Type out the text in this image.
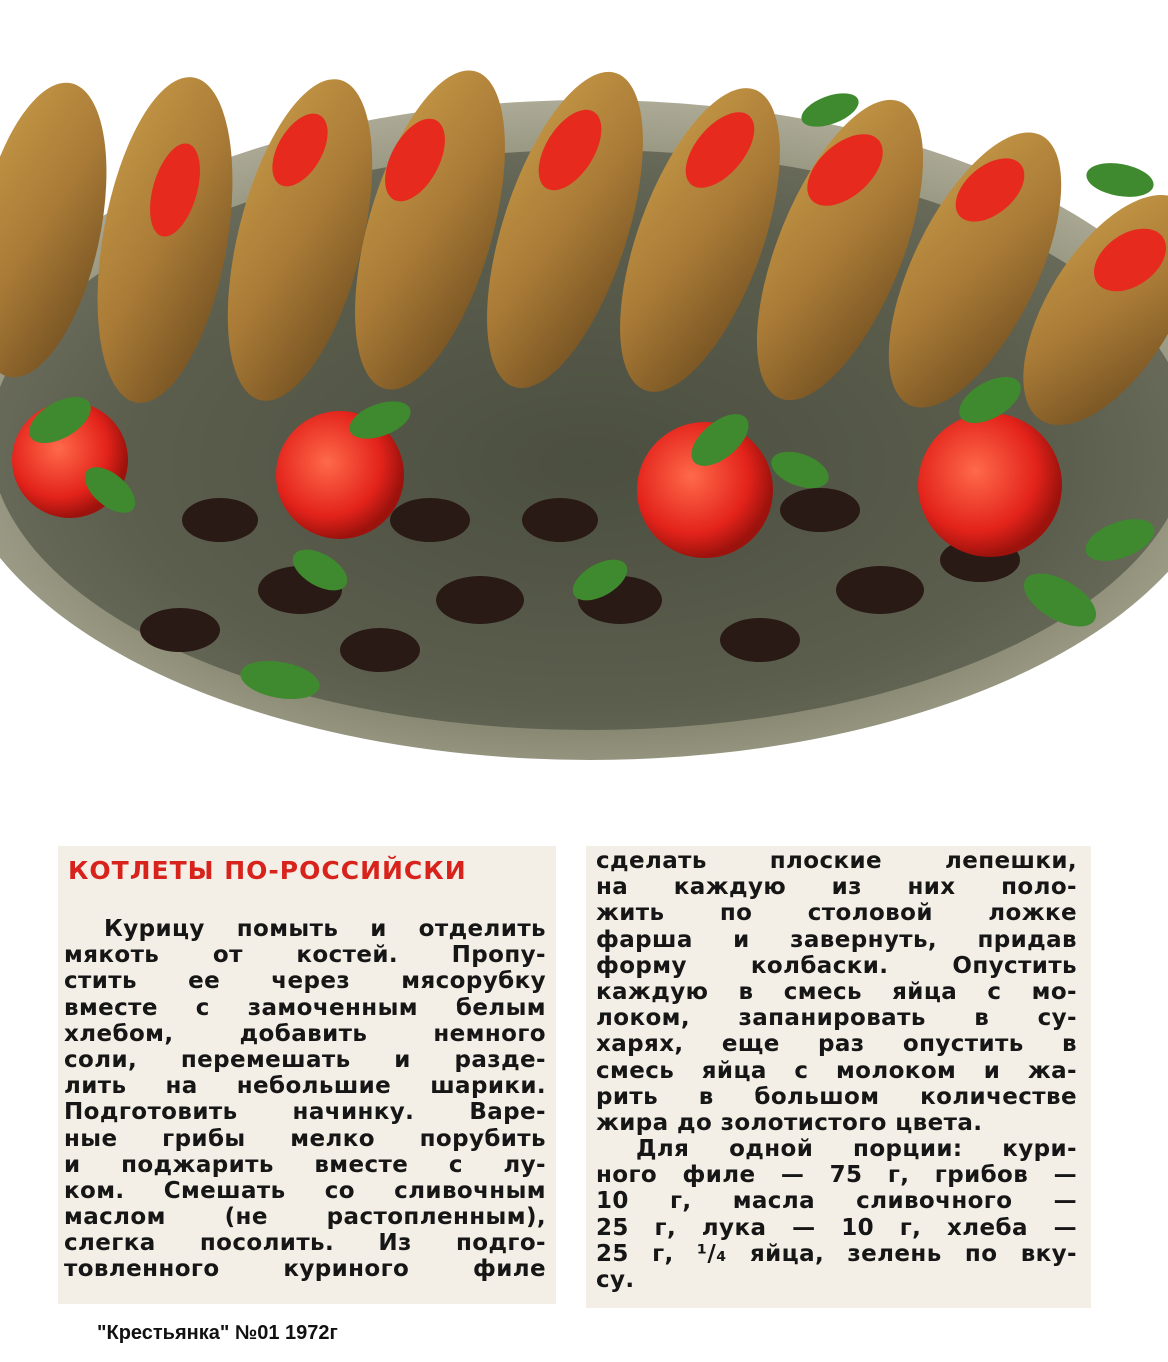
КОТЛЕТЫ ПО-РОССИЙСКИ
Курицу помыть и отделить
мякоть от костей. Пропу-
стить ее через мясорубку
вместе с замоченным белым
хлебом, добавить немного
соли, перемешать и разде-
лить на небольшие шарики.
Подготовить начинку. Варе-
ные грибы мелко порубить
и поджарить вместе с лу-
ком. Смешать со сливочным
маслом (не растопленным),
слегка посолить. Из подго-
товленного куриного филе
сделать плоские лепешки,
на каждую из них поло-
жить по столовой ложке
фарша и завернуть, придав
форму колбаски. Опустить
каждую в смесь яйца с мо-
локом, запанировать в су-
харях, еще раз опустить в
смесь яйца с молоком и жа-
рить в большом количестве
жира до золотистого цвета.
Для одной порции: кури-
ного филе — 75 г, грибов —
10 г, масла сливочного —
25 г, лука — 10 г, хлеба —
25 г, ¹/₄ яйца, зелень по вку-
су.
"Крестьянка" №01 1972г
